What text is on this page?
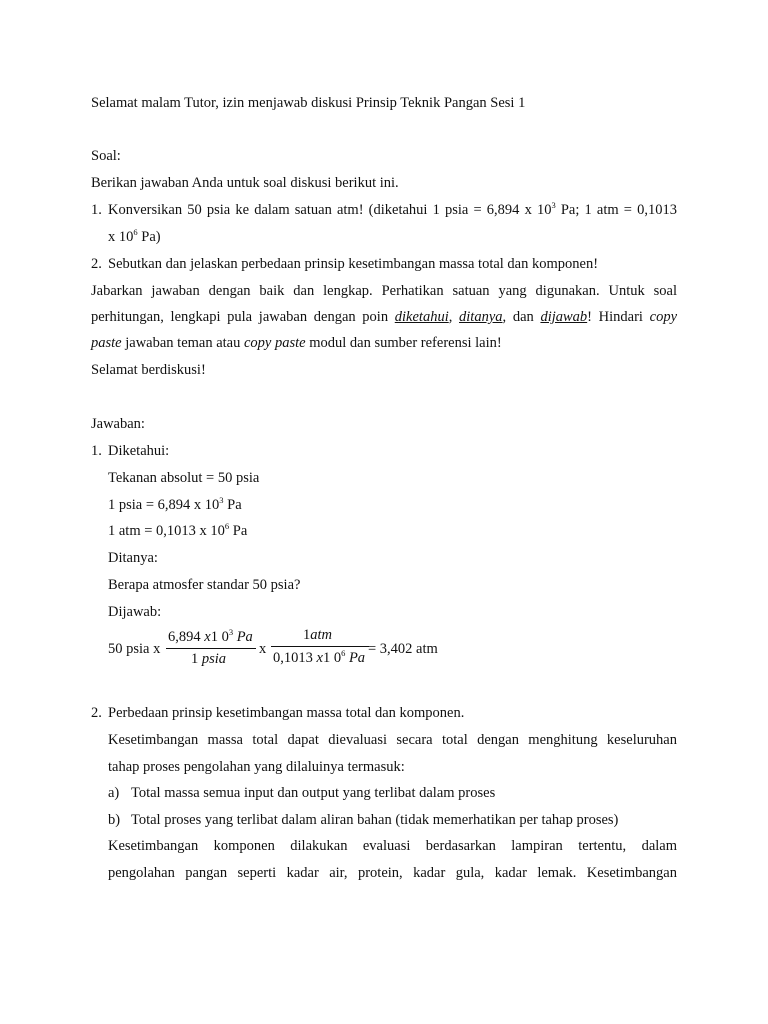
Selamat malam Tutor, izin menjawab diskusi Prinsip Teknik Pangan Sesi 1
Soal:
Berikan jawaban Anda untuk soal diskusi berikut ini.
1. Konversikan 50 psia ke dalam satuan atm! (diketahui 1 psia = 6,894 x $10^3$ Pa; 1 atm = 0,1013
x $10^6$ Pa)
2. Sebutkan dan jelaskan perbedaan prinsip kesetimbangan massa total dan komponen!
Jabarkan jawaban dengan baik dan lengkap. Perhatikan satuan yang digunakan. Untuk soal
perhitungan, lengkapi pula jawaban dengan poin diketahui, ditanya, dan dijawab! Hindari copy
paste jawaban teman atau copy paste modul dan sumber referensi lain!
Selamat berdiskusi!
Jawaban:
1. Diketahui:
Tekanan absolut = 50 psia
1 psia = 6,894 x $10^3$ Pa
1 atm = 0,1013 x $10^6$ Pa
Ditanya:
Berapa atmosfer standar 50 psia?
Dijawab:
50 psia x
6,894 x1 $0^3$ Pa
1 psia
x
1atm
0,1013 x1 $0^6$ Pa
= 3,402 atm
2. Perbedaan prinsip kesetimbangan massa total dan komponen.
Kesetimbangan massa total dapat dievaluasi secara total dengan menghitung keseluruhan
tahap proses pengolahan yang dilaluinya termasuk:
a) Total massa semua input dan output yang terlibat dalam proses
b) Total proses yang terlibat dalam aliran bahan (tidak memerhatikan per tahap proses)
Kesetimbangan komponen dilakukan evaluasi berdasarkan lampiran tertentu, dalam
pengolahan pangan seperti kadar air, protein, kadar gula, kadar lemak. Kesetimbangan
